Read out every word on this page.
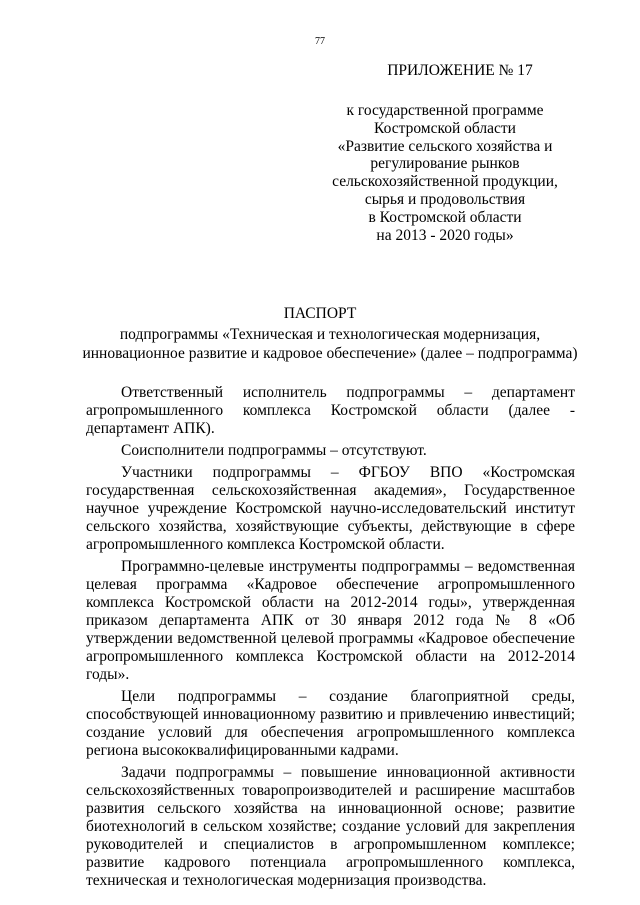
77
ПРИЛОЖЕНИЕ № 17
к государственной программе
Костромской области
«Развитие сельского хозяйства и
регулирование рынков
сельскохозяйственной продукции,
сырья и продовольствия
в Костромской области
на 2013 - 2020 годы»
ПАСПОРТ
подпрограммы «Техническая и технологическая модернизация,
инновационное развитие и кадровое обеспечение» (далее – подпрограмма)

Ответственный исполнитель подпрограммы – департамент агропромышленного комплекса Костромской области (далее - департамент АПК).

Соисполнители подпрограммы – отсутствуют.

Участники подпрограммы – ФГБОУ ВПО «Костромская государственная сельскохозяйственная академия», Государственное научное учреждение Костромской научно-исследовательский институт сельского хозяйства, хозяйствующие субъекты, действующие в сфере агропромышленного комплекса Костромской области.

Программно-целевые инструменты подпрограммы – ведомственная целевая программа «Кадровое обеспечение агропромышленного комплекса Костромской области на 2012-2014 годы», утвержденная приказом департамента АПК от 30 января 2012 года № 8 «Об утверждении ведомственной целевой программы «Кадровое обеспечение агропромышленного комплекса Костромской области на 2012-2014 годы».

Цели подпрограммы – создание благоприятной среды, способствующей инновационному развитию и привлечению инвестиций; создание условий для обеспечения агропромышленного комплекса региона высококвалифицированными кадрами.

Задачи подпрограммы – повышение инновационной активности сельскохозяйственных товаропроизводителей и расширение масштабов развития сельского хозяйства на инновационной основе; развитие биотехнологий в сельском хозяйстве; создание условий для закрепления руководителей и специалистов в агропромышленном комплексе; развитие кадрового потенциала агропромышленного комплекса, техническая и технологическая модернизация производства.
